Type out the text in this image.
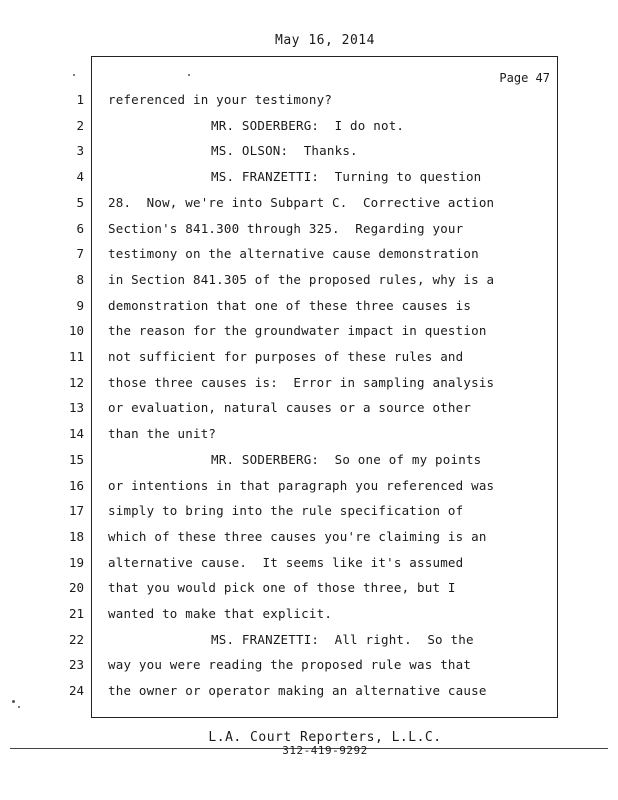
May 16, 2014
Page 47
1 referenced in your testimony?
2	MR. SODERBERG:  I do not.
3	MS. OLSON:  Thanks.
4	MS. FRANZETTI:  Turning to question
5 28.  Now, we're into Subpart C.  Corrective action
6 Section's 841.300 through 325.  Regarding your
7 testimony on the alternative cause demonstration
8 in Section 841.305 of the proposed rules, why is a
9 demonstration that one of these three causes is
10 the reason for the groundwater impact in question
11 not sufficient for purposes of these rules and
12 those three causes is:  Error in sampling analysis
13 or evaluation, natural causes or a source other
14 than the unit?
15	MR. SODERBERG:  So one of my points
16 or intentions in that paragraph you referenced was
17 simply to bring into the rule specification of
18 which of these three causes you're claiming is an
19 alternative cause.  It seems like it's assumed
20 that you would pick one of those three, but I
21 wanted to make that explicit.
22	MS. FRANZETTI:  All right.  So the
23 way you were reading the proposed rule was that
24 the owner or operator making an alternative cause
L.A. Court Reporters, L.L.C.
312-419-9292
